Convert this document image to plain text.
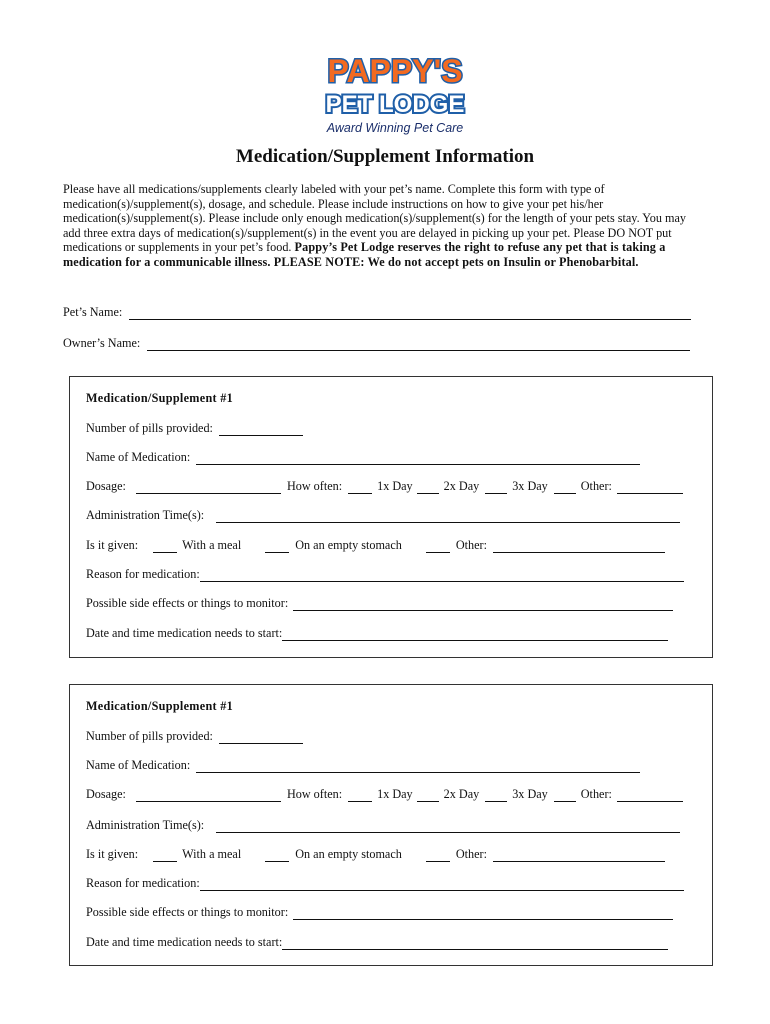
PAPPY'S
PET LODGE
Award Winning Pet Care
Medication/Supplement Information
Please have all medications/supplements clearly labeled with your pet’s name. Complete this form with type of medication(s)/supplement(s), dosage, and schedule. Please include instructions on how to give your pet his/her medication(s)/supplement(s). Please include only enough medication(s)/supplement(s) for the length of your pets stay. You may add three extra days of medication(s)/supplement(s) in the event you are delayed in picking up your pet. Please DO NOT put medications or supplements in your pet’s food. Pappy’s Pet Lodge reserves the right to refuse any pet that is taking a medication for a communicable illness. PLEASE NOTE: We do not accept pets on Insulin or Phenobarbital.
Pet’s Name:
Owner’s Name:
Medication/Supplement #1
Number of pills provided:
Name of Medication:
Dosage:	How often:	1x Day	2x Day	3x Day	Other:
Administration Time(s):
Is it given:	With a meal	On an empty stomach	Other:
Reason for medication:
Possible side effects or things to monitor:
Date and time medication needs to start:
Medication/Supplement #1
Number of pills provided:
Name of Medication:
Dosage:	How often:	1x Day	2x Day	3x Day	Other:
Administration Time(s):
Is it given:	With a meal	On an empty stomach	Other:
Reason for medication:
Possible side effects or things to monitor:
Date and time medication needs to start:
